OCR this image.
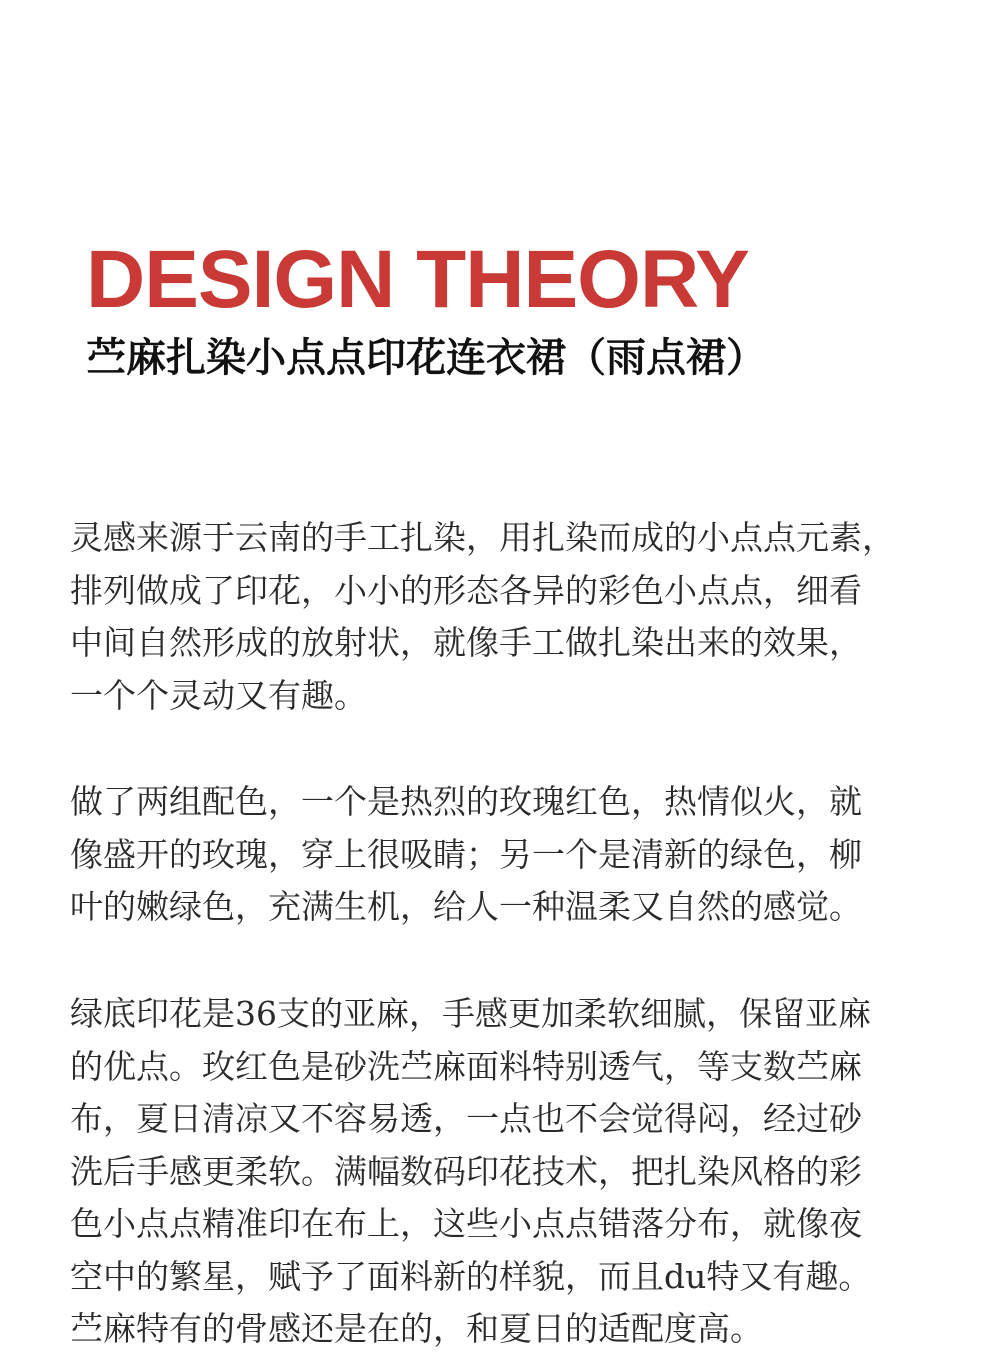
DESIGN THEORY
苎麻扎染小点点印花连衣裙（雨点裙）

灵感来源于云南的手工扎染，用扎染而成的小点点元素，
排列做成了印花，小小的形态各异的彩色小点点，细看
中间自然形成的放射状，就像手工做扎染出来的效果，
一个个灵动又有趣。

做了两组配色，一个是热烈的玫瑰红色，热情似火，就
像盛开的玫瑰，穿上很吸睛；另一个是清新的绿色，柳
叶的嫩绿色，充满生机，给人一种温柔又自然的感觉。

绿底印花是36支的亚麻，手感更加柔软细腻，保留亚麻
的优点。玫红色是砂洗苎麻面料特别透气，等支数苎麻
布，夏日清凉又不容易透，一点也不会觉得闷，经过砂
洗后手感更柔软。满幅数码印花技术，把扎染风格的彩
色小点点精准印在布上，这些小点点错落分布，就像夜
空中的繁星，赋予了面料新的样貌，而且du特又有趣。
苎麻特有的骨感还是在的，和夏日的适配度高。
